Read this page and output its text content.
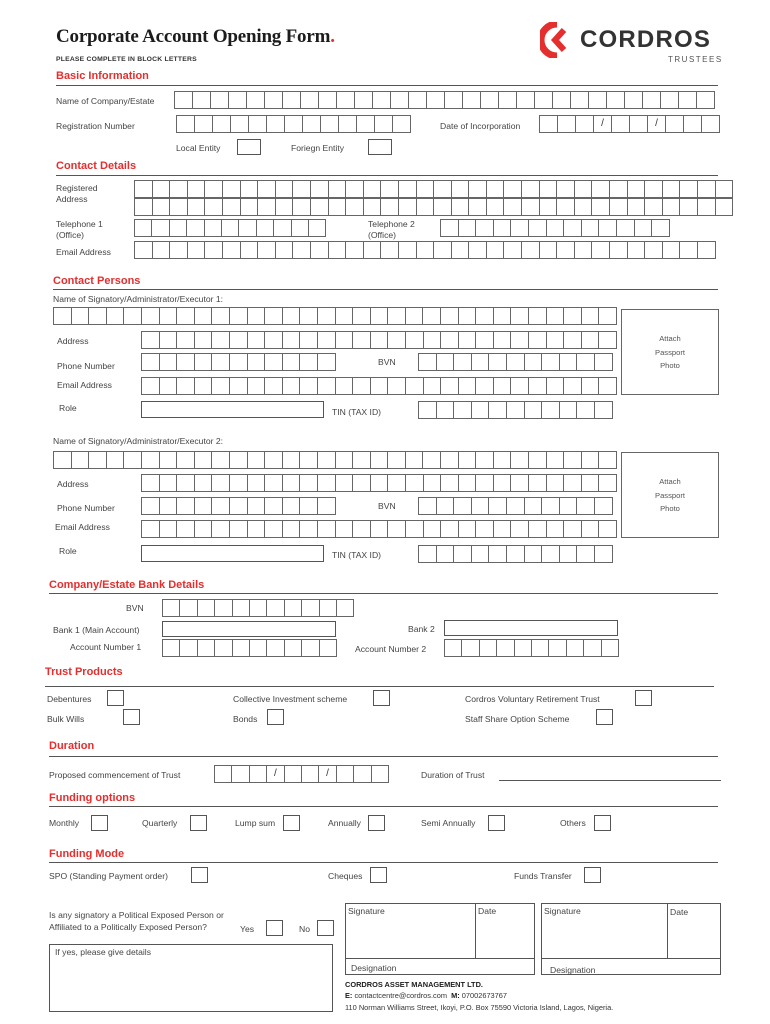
Corporate Account Opening Form.
PLEASE COMPLETE IN BLOCK LETTERS
CORDROS
TRUSTEES
Basic Information
Name of Company/Estate
Registration Number	Date of Incorporation
/
/
Local Entity	Foriegn Entity
Contact Details
Registered Address
Telephone 1 (Office)
Telephone 2 (Office)
Email Address
Contact Persons
Name of Signatory/Administrator/Executor 1:
Address
Phone Number	BVN
Email Address
Role	TIN (TAX ID)
Attach
Passport
Photo
Name of Signatory/Administrator/Executor 2:
Address
Phone Number	BVN
Email Address
Role	TIN (TAX ID)
Attach
Passport
Photo
Company/Estate Bank Details
BVN
Bank 1 (Main Account)	Bank 2
Account Number 1	Account Number 2
Trust Products
Debentures	Collective Investment scheme	Cordros Voluntary Retirement Trust
Bulk Wills	Bonds	Staff Share Option Scheme
Duration
Proposed commencement of Trust / /	Duration of Trust
Funding options
Monthly	Quarterly	Lump sum	Annually	Semi Annually	Others
Funding Mode
SPO (Standing Payment order)	Cheques	Funds Transfer
Is any signatory a Political Exposed Person or
Affiliated to a Politically Exposed Person?	Yes	No
If yes, please give details
Signature	Date
Designation
Signature	Date
Designation
CORDROS ASSET MANAGEMENT LTD.
E: contactcentre@cordros.com M: 07002673767
110 Norman Williams Street, Ikoyi, P.O. Box 75590 Victoria Island, Lagos, Nigeria.
